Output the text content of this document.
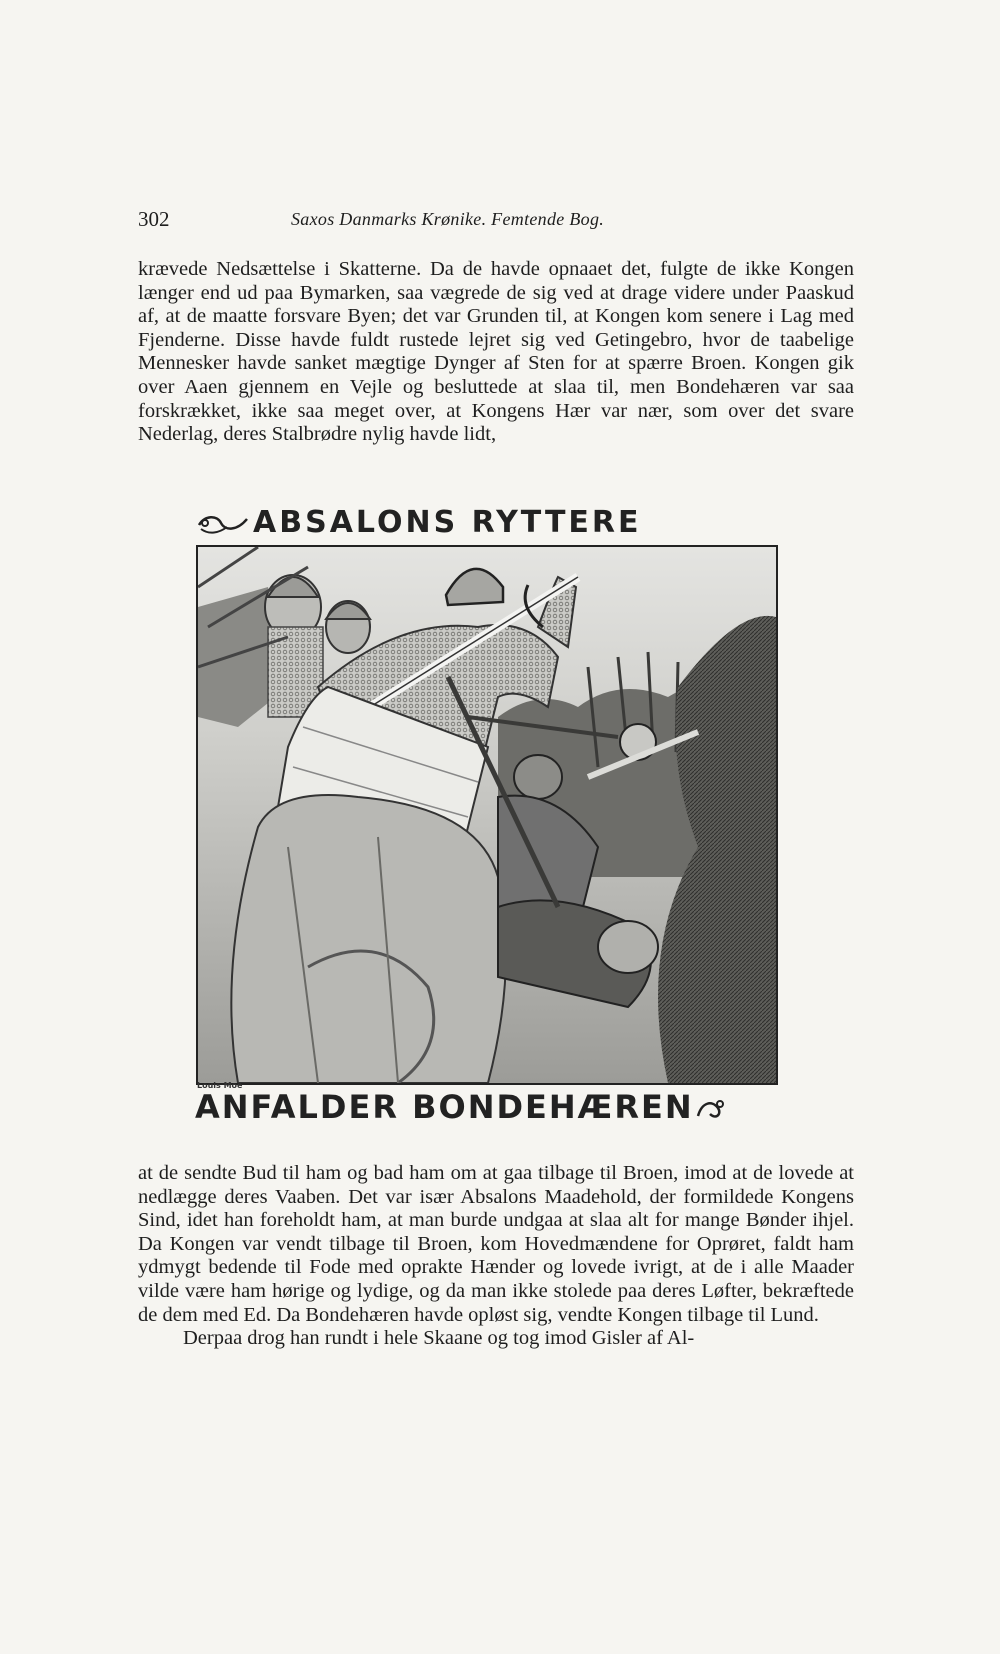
302	Saxos Danmarks Krønike. Femtende Bog.

krævede Nedsættelse i Skatterne. Da de havde opnaaet det, fulgte de ikke Kongen længer end ud paa Bymarken, saa vægrede de sig ved at drage videre under Paaskud af, at de maatte forsvare Byen; det var Grunden til, at Kongen kom senere i Lag med Fjenderne. Disse havde fuldt rustede lejret sig ved Getingebro, hvor de taabelige Mennesker havde sanket mægtige Dynger af Sten for at spærre Broen. Kongen gik over Aaen gjennem en Vejle og besluttede at slaa til, men Bondehæren var saa forskrækket, ikke saa meget over, at Kongens Hær var nær, som over det svare Nederlag, deres Stalbrødre nylig havde lidt,

ABSALONS RYTTERE
Louis Moe
ANFALDER BONDEHÆREN

at de sendte Bud til ham og bad ham om at gaa tilbage til Broen, imod at de lovede at nedlægge deres Vaaben. Det var især Absalons Maadehold, der formildede Kongens Sind, idet han foreholdt ham, at man burde undgaa at slaa alt for mange Bønder ihjel. Da Kongen var vendt tilbage til Broen, kom Hovedmændene for Oprøret, faldt ham ydmygt bedende til Fode med oprakte Hænder og lovede ivrigt, at de i alle Maader vilde være ham hørige og lydige, og da man ikke stolede paa deres Løfter, bekræftede de dem med Ed. Da Bondehæren havde opløst sig, vendte Kongen tilbage til Lund.

Derpaa drog han rundt i hele Skaane og tog imod Gisler af Al-
